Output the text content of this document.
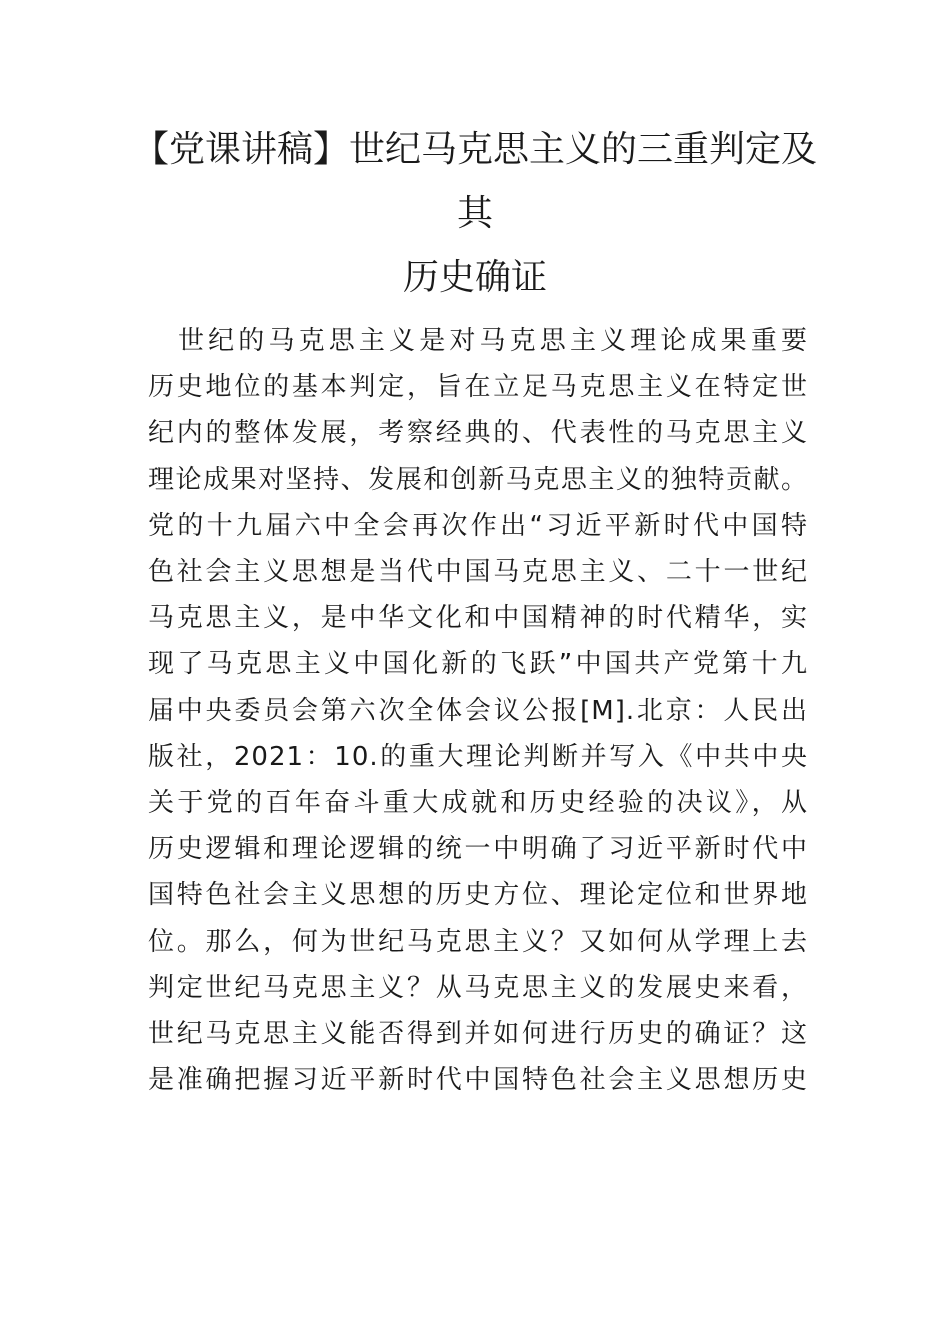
【党课讲稿】世纪马克思主义的三重判定及其
历史确证
世纪的马克思主义是对马克思主义理论成果重要
历史地位的基本判定，旨在立足马克思主义在特定世
纪内的整体发展，考察经典的、代表性的马克思主义
理论成果对坚持、发展和创新马克思主义的独特贡献。
党的十九届六中全会再次作出“习近平新时代中国特
色社会主义思想是当代中国马克思主义、二十一世纪
马克思主义，是中华文化和中国精神的时代精华，实
现了马克思主义中国化新的飞跃”中国共产党第十九
届中央委员会第六次全体会议公报[M].北京：人民出
版社，2021：10.的重大理论判断并写入《中共中央
关于党的百年奋斗重大成就和历史经验的决议》，从
历史逻辑和理论逻辑的统一中明确了习近平新时代中
国特色社会主义思想的历史方位、理论定位和世界地
位。那么，何为世纪马克思主义？又如何从学理上去
判定世纪马克思主义？从马克思主义的发展史来看，
世纪马克思主义能否得到并如何进行历史的确证？这
是准确把握习近平新时代中国特色社会主义思想历史
